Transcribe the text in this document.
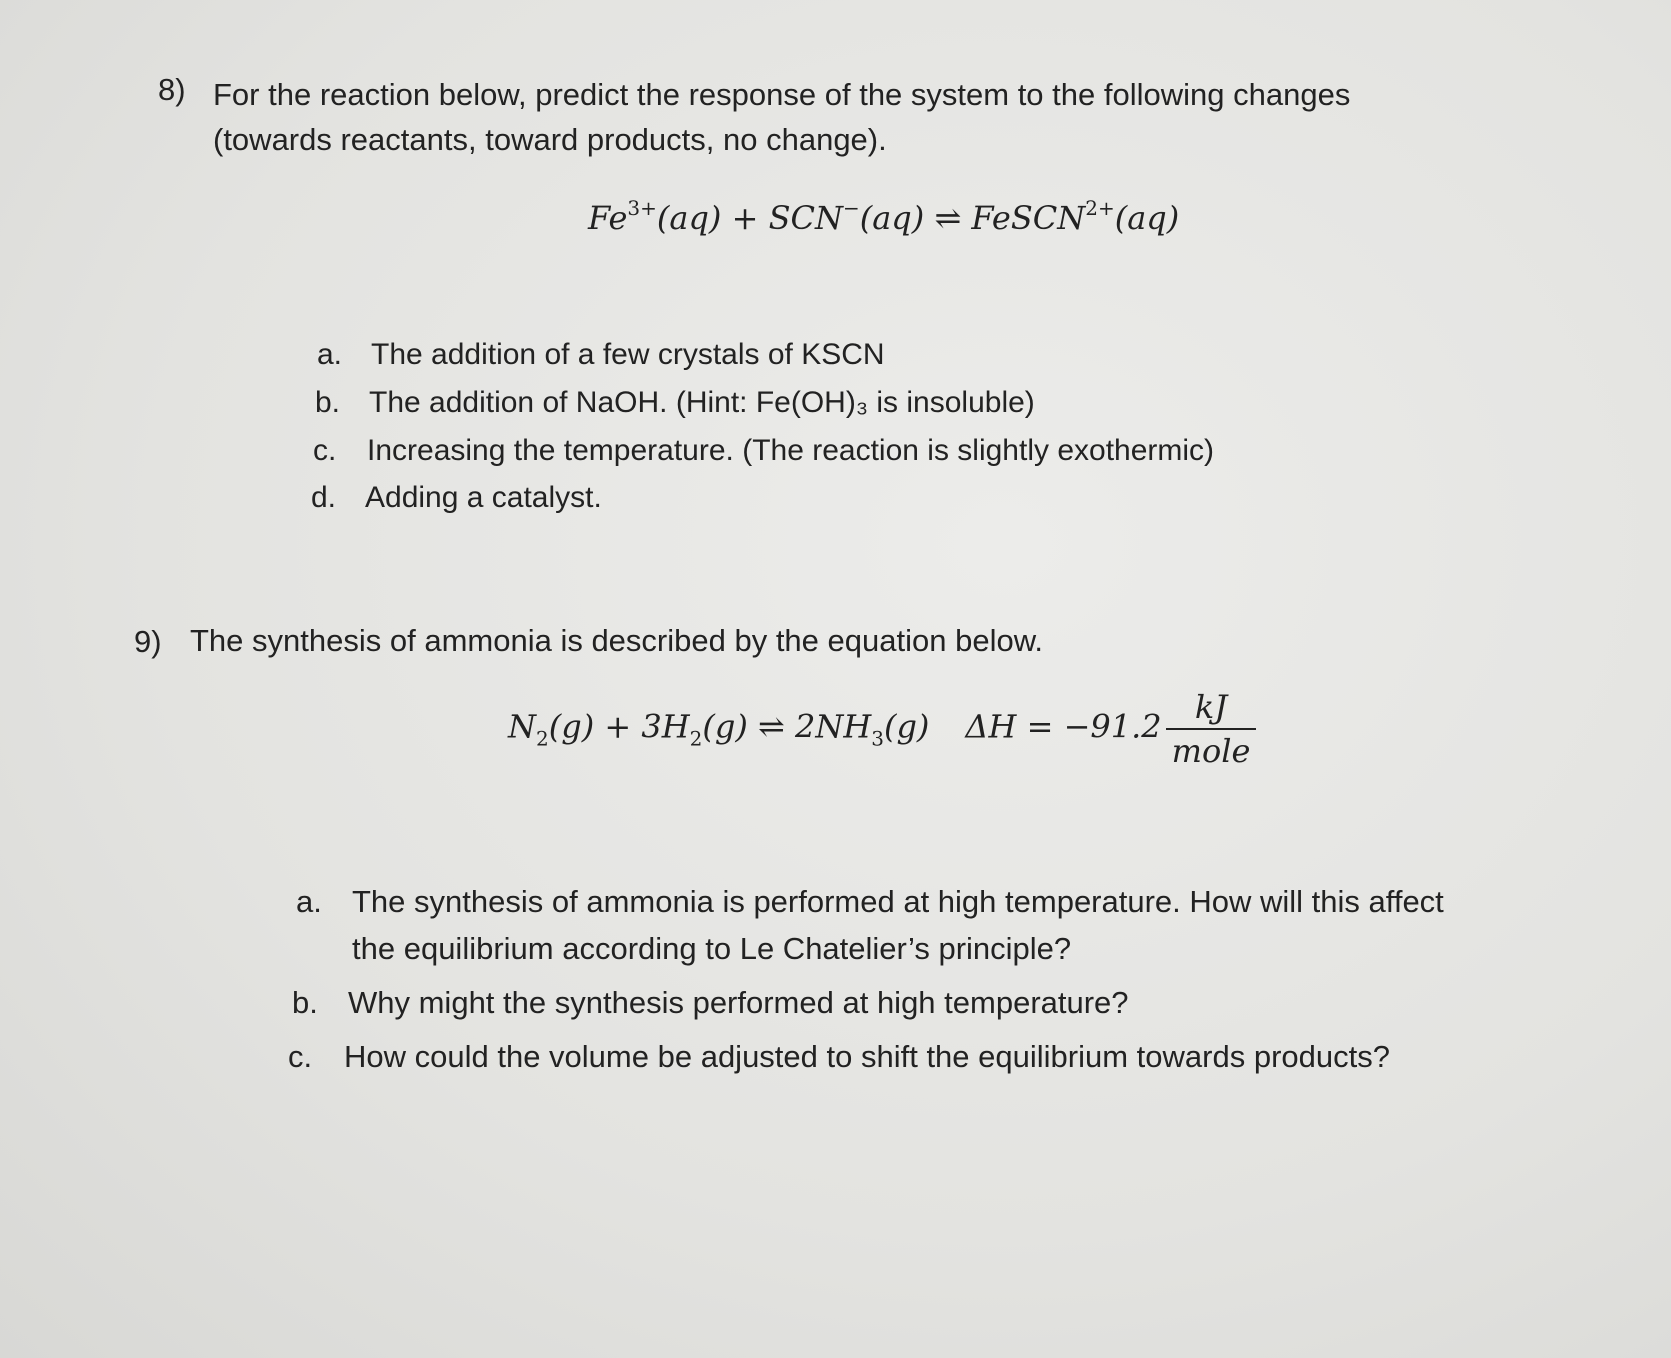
8) For the reaction below, predict the response of the system to the following changes
(towards reactants, toward products, no change).
$Fe^{3+}(aq) + SCN^-(aq)$ ⇌ FeSCN$^{2+}$(aq)
a. The addition of a few crystals of KSCN
b. The addition of NaOH. (Hint: Fe(OH)₃ is insoluble)
c. Increasing the temperature. (The reaction is slightly exothermic)
d. Adding a catalyst.
9) The synthesis of ammonia is described by the equation below.
$N_2(g) + 3H_2(g)$ ⇌ $2NH_3(g) \Delta H = -91.2 \frac{kJ}{\text{mole}}$
a. The synthesis of ammonia is performed at high temperature. How will this affect
the equilibrium according to Le Chatelier’s principle?
b. Why might the synthesis performed at high temperature?
c. How could the volume be adjusted to shift the equilibrium towards products?
